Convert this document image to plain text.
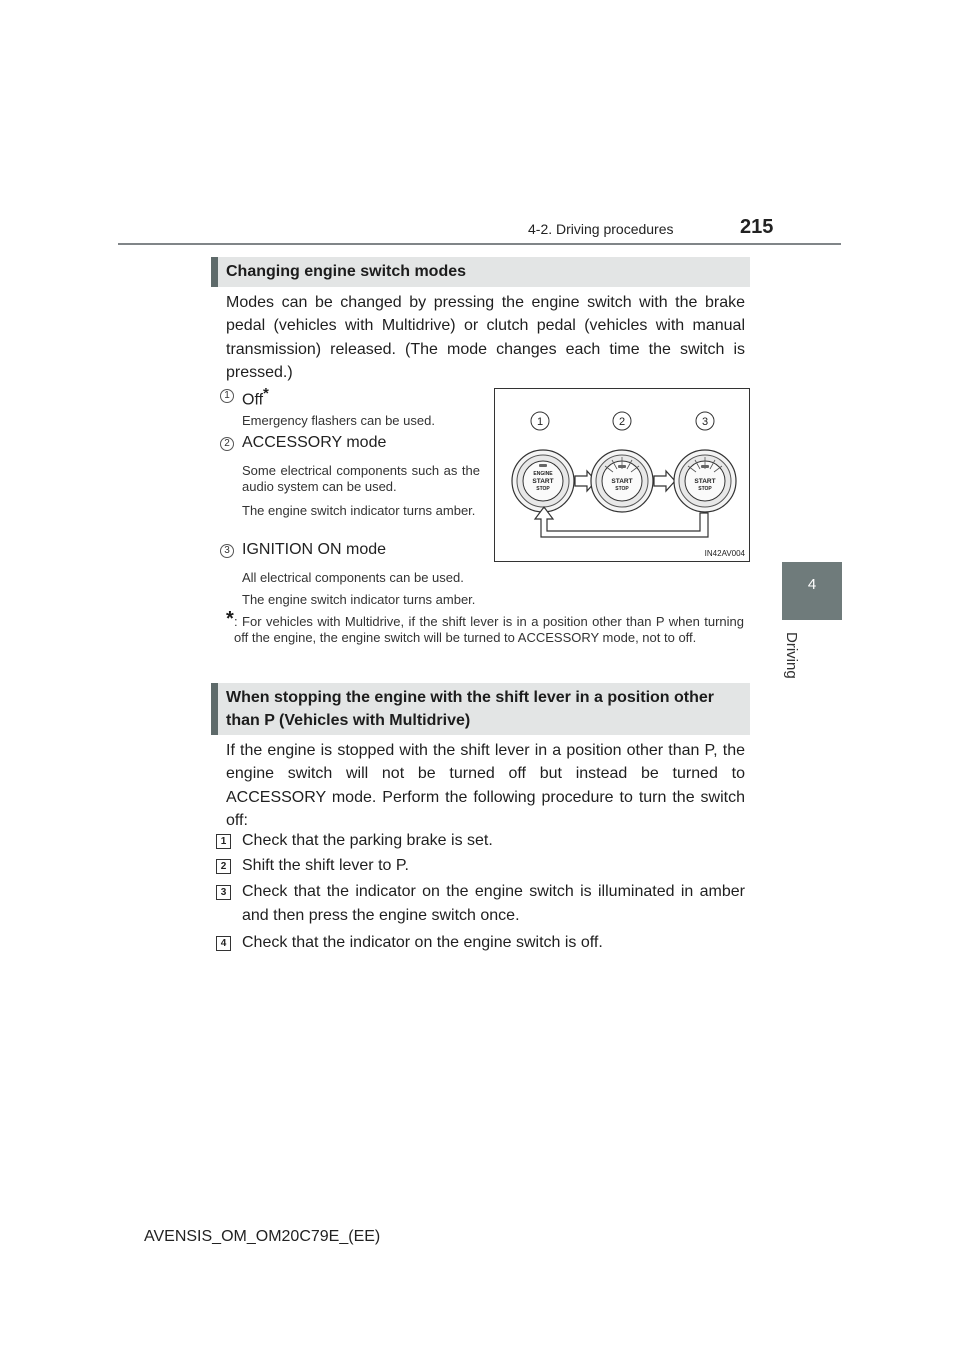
4-2. Driving procedures	215
4
Driving
Changing engine switch modes
Modes can be changed by pressing the engine switch with the brake pedal (vehicles with Multidrive) or clutch pedal (vehicles with manual transmission) released. (The mode changes each time the switch is pressed.)
1 Off*
Emergency flashers can be used.
2 ACCESSORY mode
Some electrical components such as the audio system can be used.
The engine switch indicator turns amber.
3 IGNITION ON mode
All electrical components can be used.
The engine switch indicator turns amber.
* : For vehicles with Multidrive, if the shift lever is in a position other than P when turning off the engine, the engine switch will be turned to ACCESSORY mode, not to off.
1	2	3
ENGINE
START
STOP
START
STOP
START
STOP
IN42AV004
When stopping the engine with the shift lever in a position other than P (Vehicles with Multidrive)
If the engine is stopped with the shift lever in a position other than P, the engine switch will not be turned off but instead be turned to ACCESSORY mode. Perform the following procedure to turn the switch off:
1 Check that the parking brake is set.
2 Shift the shift lever to P.
3 Check that the indicator on the engine switch is illuminated in amber and then press the engine switch once.
4 Check that the indicator on the engine switch is off.
AVENSIS_OM_OM20C79E_(EE)
